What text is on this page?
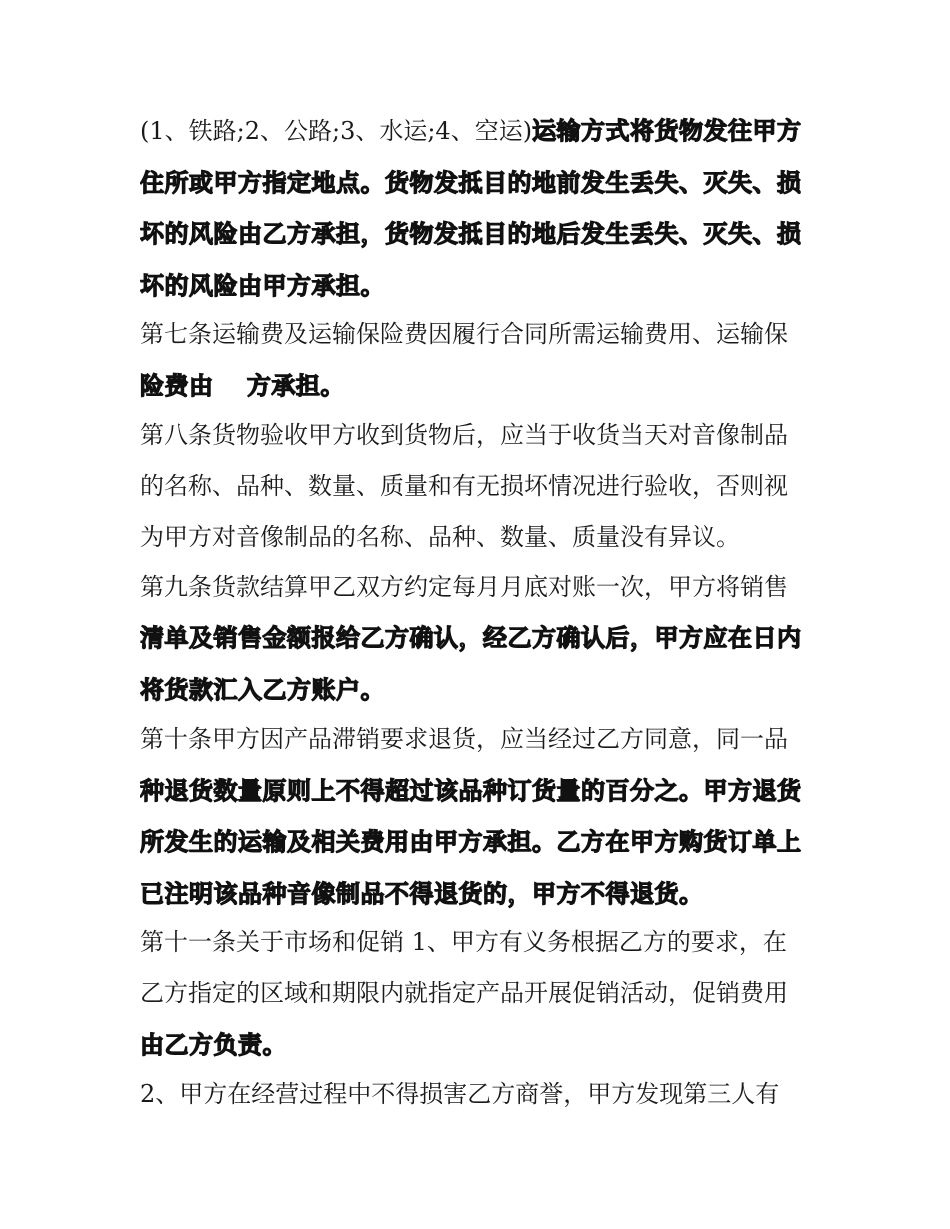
(1、铁路;2、公路;3、水运;4、空运)运输方式将货物发往甲方
住所或甲方指定地点。货物发抵目的地前发生丢失、灭失、损
坏的风险由乙方承担，货物发抵目的地后发生丢失、灭失、损
坏的风险由甲方承担。
第七条运输费及运输保险费因履行合同所需运输费用、运输保
险费由　 方承担。
第八条货物验收甲方收到货物后，应当于收货当天对音像制品
的名称、品种、数量、质量和有无损坏情况进行验收，否则视
为甲方对音像制品的名称、品种、数量、质量没有异议。
第九条货款结算甲乙双方约定每月月底对账一次，甲方将销售
清单及销售金额报给乙方确认，经乙方确认后，甲方应在日内
将货款汇入乙方账户。
第十条甲方因产品滞销要求退货，应当经过乙方同意，同一品
种退货数量原则上不得超过该品种订货量的百分之。甲方退货
所发生的运输及相关费用由甲方承担。乙方在甲方购货订单上
已注明该品种音像制品不得退货的，甲方不得退货。
第十一条关于市场和促销 1、甲方有义务根据乙方的要求，在
乙方指定的区域和期限内就指定产品开展促销活动，促销费用
由乙方负责。
2、甲方在经营过程中不得损害乙方商誉，甲方发现第三人有
